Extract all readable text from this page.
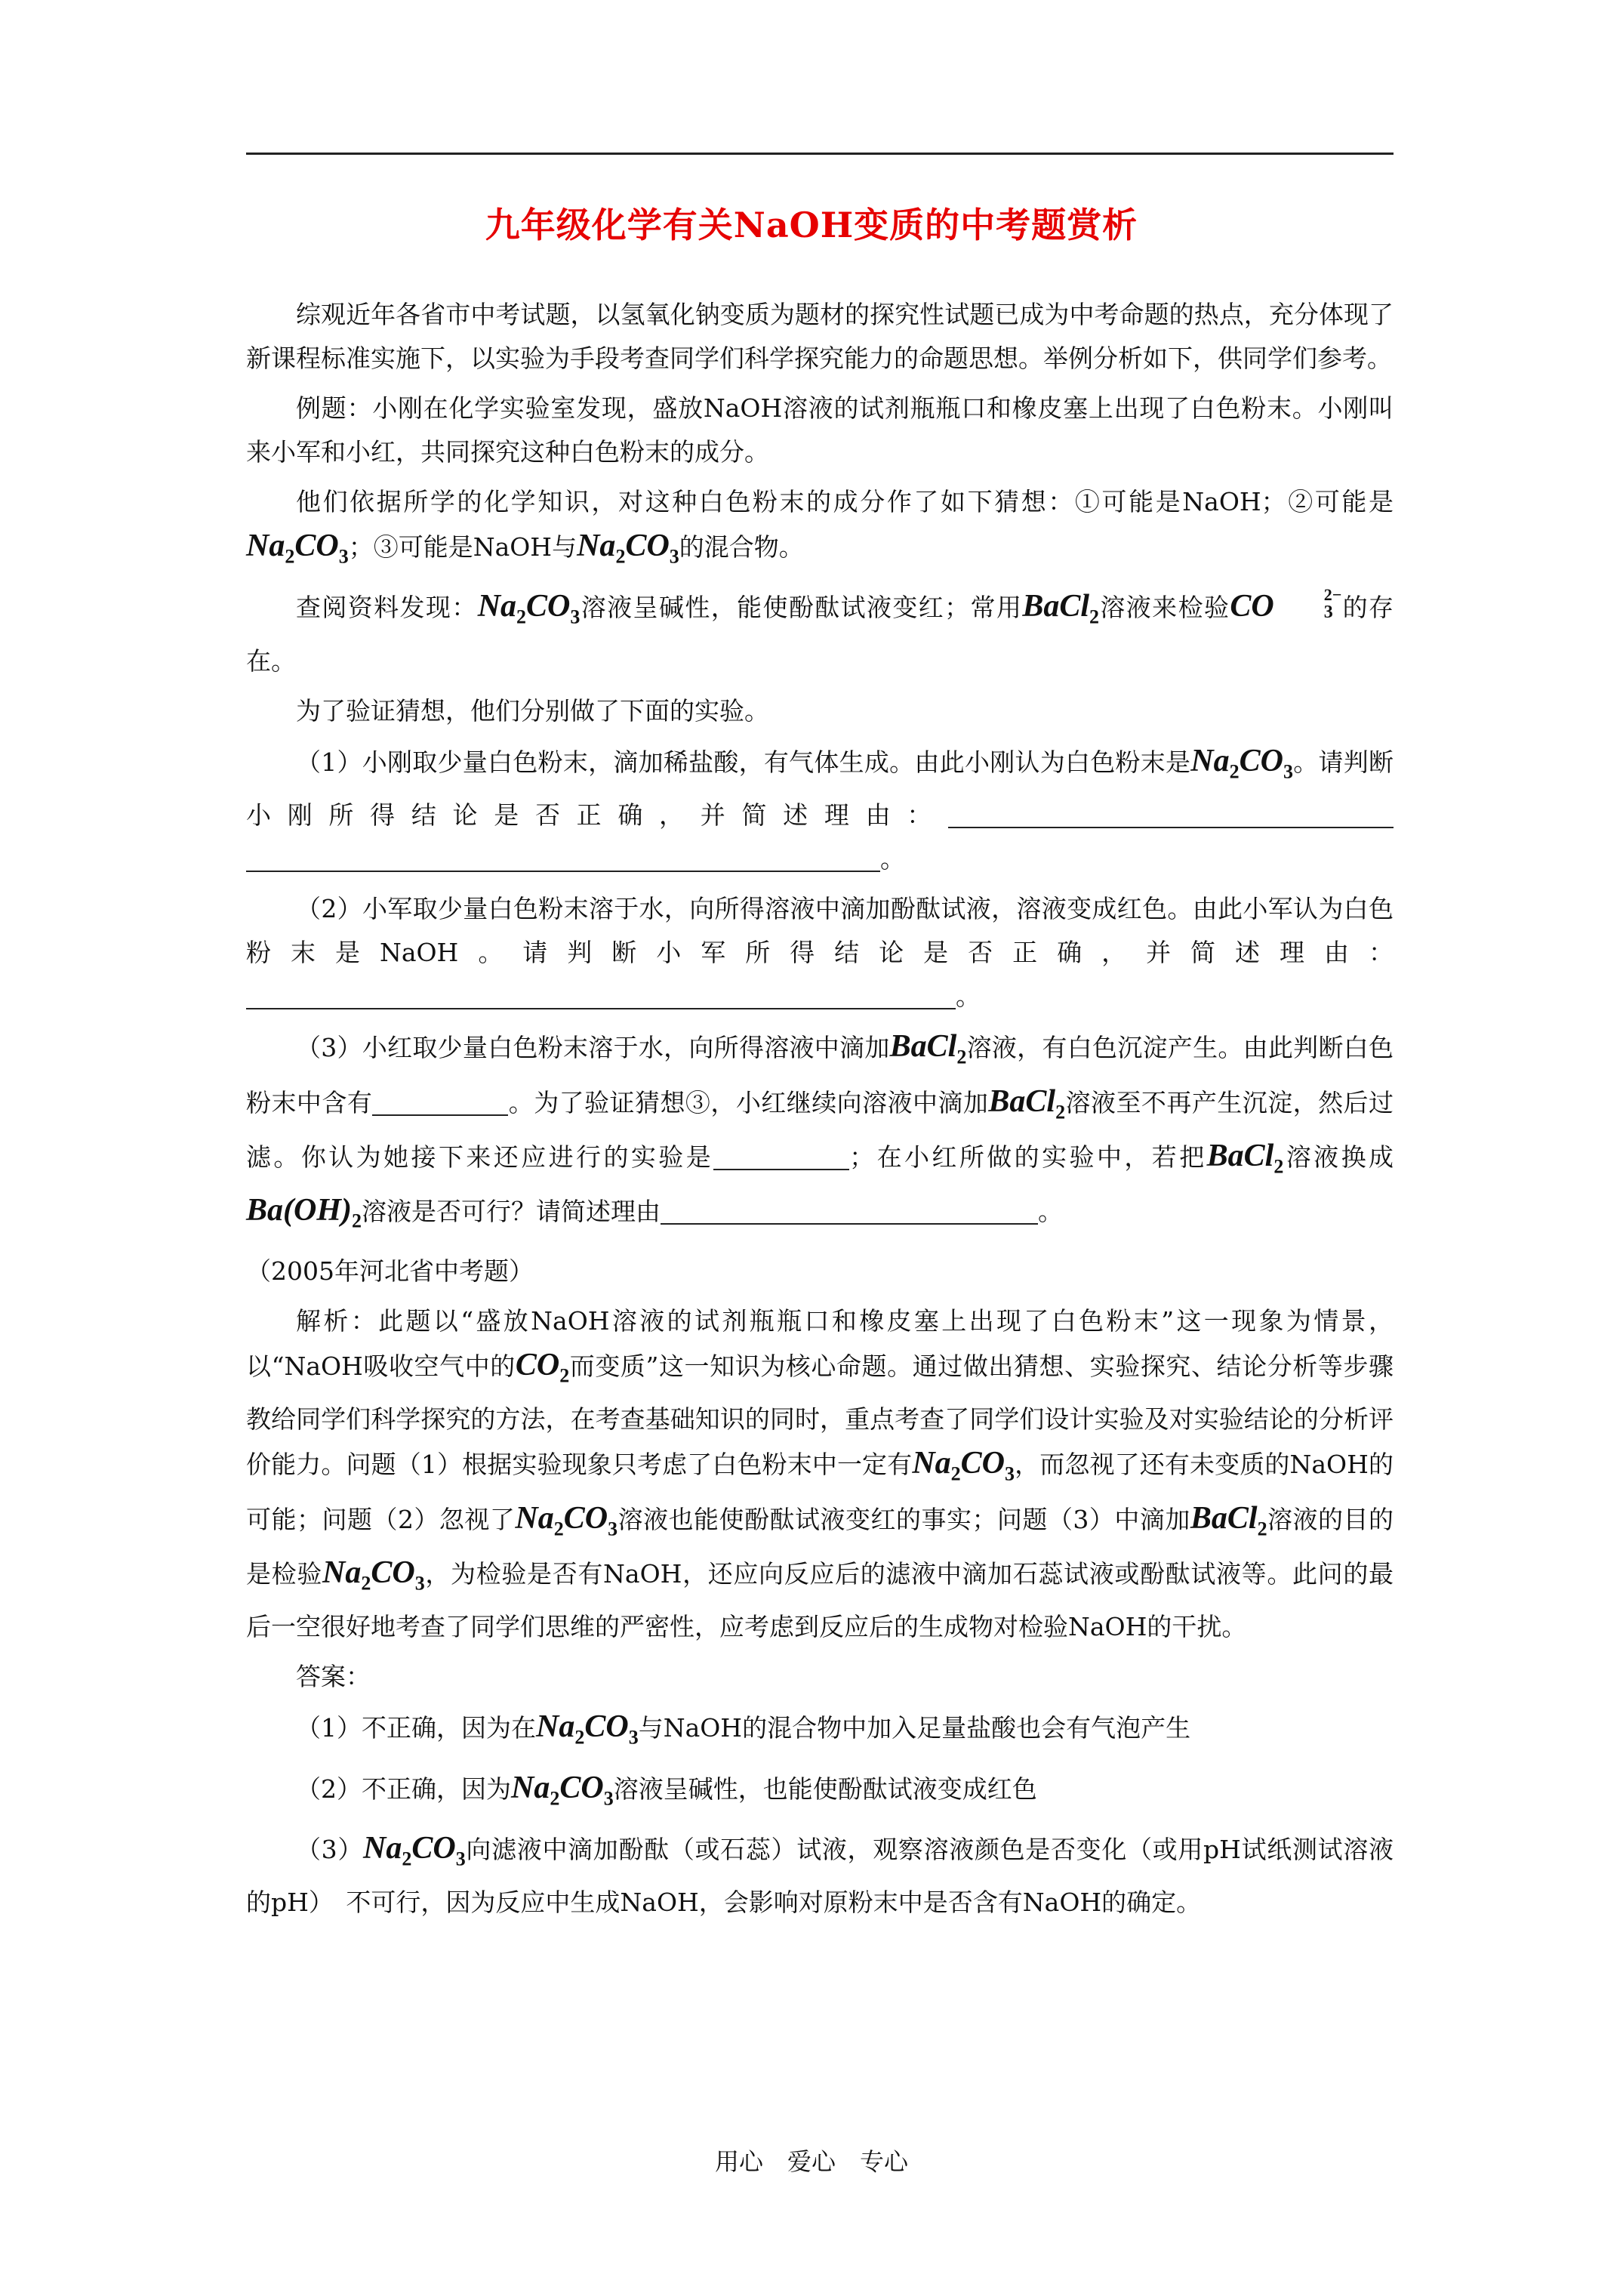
九年级化学有关NaOH变质的中考题赏析

综观近年各省市中考试题，以氢氧化钠变质为题材的探究性试题已成为中考命题的热点，充分体现了新课程标准实施下，以实验为手段考查同学们科学探究能力的命题思想。举例分析如下，供同学们参考。

例题：小刚在化学实验室发现，盛放NaOH溶液的试剂瓶瓶口和橡皮塞上出现了白色粉末。小刚叫来小军和小红，共同探究这种白色粉末的成分。

他们依据所学的化学知识，对这种白色粉末的成分作了如下猜想：①可能是NaOH；②可能是$Na_2CO_3$；③可能是NaOH与$Na_2CO_3$的混合物。

查阅资料发现：$Na_2CO_3$溶液呈碱性，能使酚酞试液变红；常用BaCl$_2$溶液来检验CO	2−
3 的存在。

为了验证猜想，他们分别做了下面的实验。

（1）小刚取少量白色粉末，滴加稀盐酸，有气体生成。由此小刚认为白色粉末是$Na_2CO_3$。请判断小刚所得结论是否正确，并简述理由：。

（2）小军取少量白色粉末溶于水，向所得溶液中滴加酚酞试液，溶液变成红色。由此小军认为白色粉末是NaOH。请判断小军所得结论是否正确，并简述理由：。

（3）小红取少量白色粉末溶于水，向所得溶液中滴加BaCl$_2$溶液，有白色沉淀产生。由此判断白色粉末中含有	。为了验证猜想③，小红继续向溶液中滴加BaCl$_2$溶液至不再产生沉淀，然后过滤。你认为她接下来还应进行的实验是	；在小红所做的实验中，若把BaCl$_2$溶液换成$Ba(OH)_2$溶液是否可行？请简述理由	。

（2005年河北省中考题）

解析：此题以“盛放NaOH溶液的试剂瓶瓶口和橡皮塞上出现了白色粉末”这一现象为情景，以“NaOH吸收空气中的$CO_2$而变质”这一知识为核心命题。通过做出猜想、实验探究、结论分析等步骤教给同学们科学探究的方法，在考查基础知识的同时，重点考查了同学们设计实验及对实验结论的分析评价能力。问题（1）根据实验现象只考虑了白色粉末中一定有$Na_2CO_3$，而忽视了还有未变质的NaOH的可能；问题（2）忽视了$Na_2CO_3$溶液也能使酚酞试液变红的事实；问题（3）中滴加BaCl$_2$溶液的目的是检验$Na_2CO_3$，为检验是否有NaOH，还应向反应后的滤液中滴加石蕊试液或酚酞试液等。此问的最后一空很好地考查了同学们思维的严密性，应考虑到反应后的生成物对检验NaOH的干扰。

答案：

（1）不正确，因为在$Na_2CO_3$与NaOH的混合物中加入足量盐酸也会有气泡产生

（2）不正确，因为$Na_2CO_3$溶液呈碱性，也能使酚酞试液变成红色

$(3)Na_2CO_3$向滤液中滴加酚酞（或石蕊）试液，观察溶液颜色是否变化（或用pH试纸测试溶液的pH）　不可行，因为反应中生成NaOH，会影响对原粉末中是否含有NaOH的确定。

用心　爱心　专心
